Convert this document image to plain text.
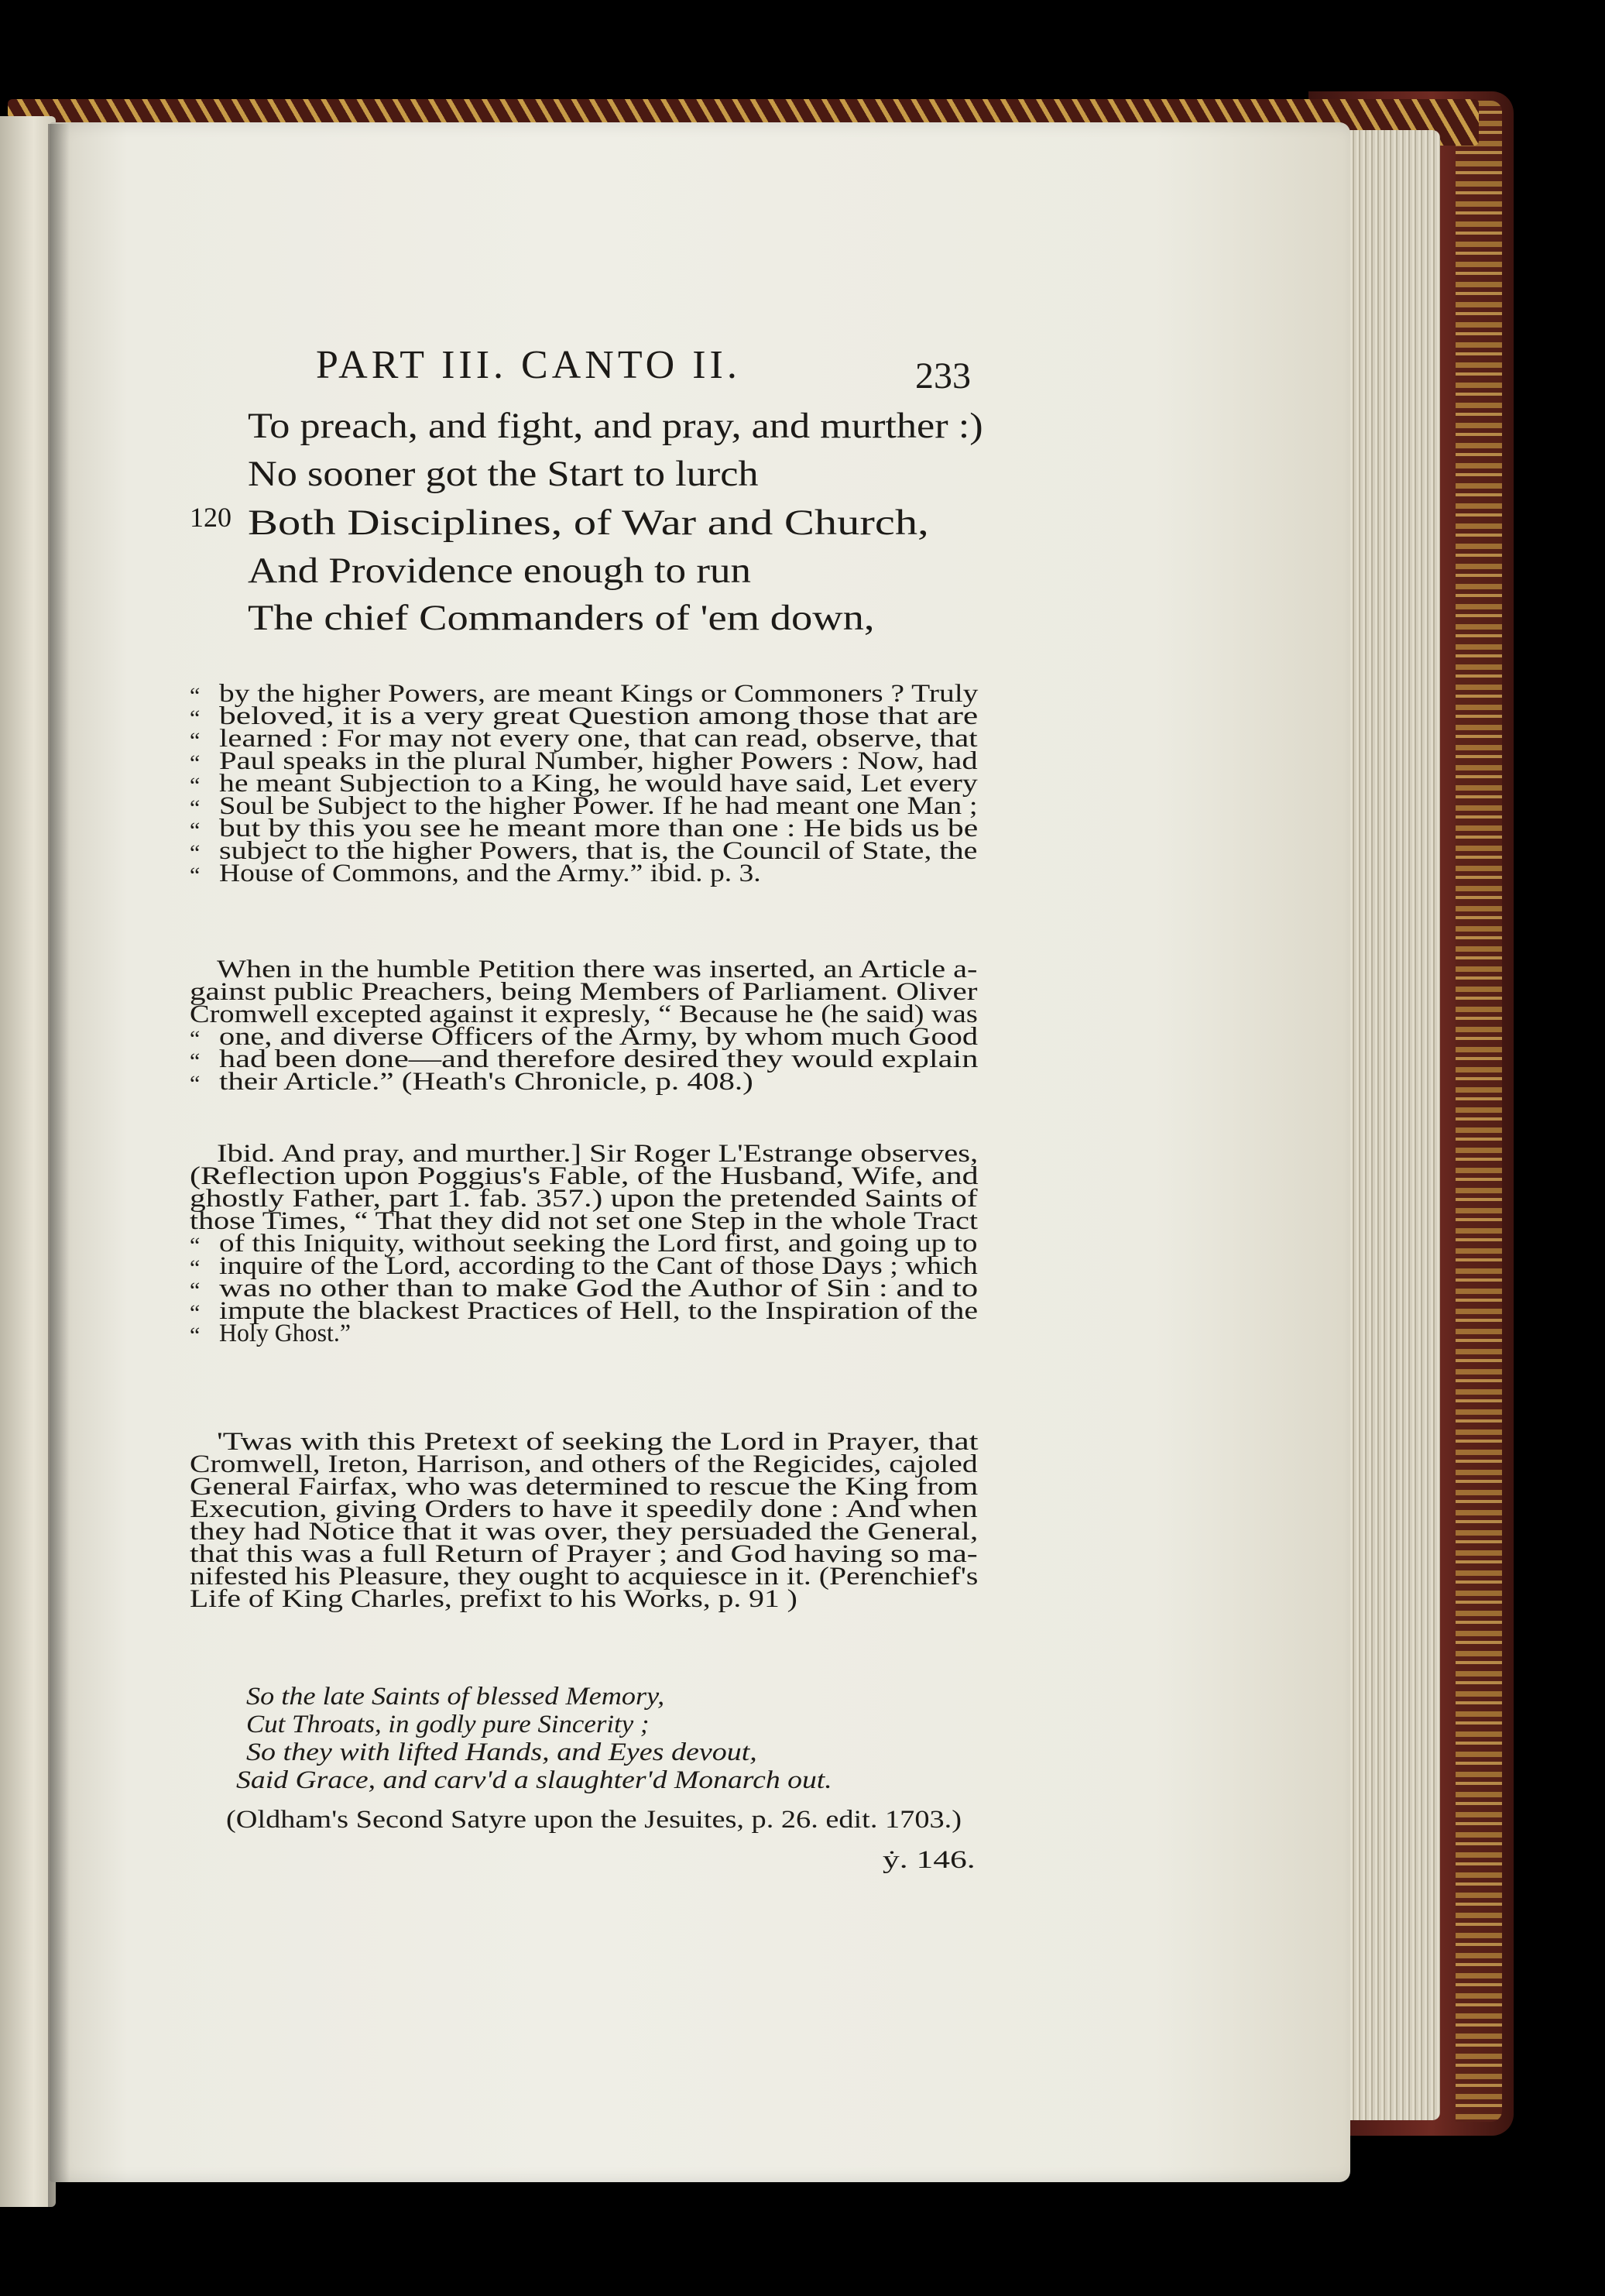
PART III. CANTO II.	233
120
To preach, and fight, and pray, and murther :)
No sooner got the Start to lurch
Both Disciplines, of War and Church,
And Providence enough to run
The chief Commanders of 'em down,
“ by the higher Powers, are meant Kings or Commoners ? Truly
“ beloved, it is a very great Question among those that are
“ learned : For may not every one, that can read, observe, that
“ Paul speaks in the plural Number, higher Powers : Now, had
“ he meant Subjection to a King, he would have said, Let every
“ Soul be Subject to the higher Power. If he had meant one Man ;
“ but by this you see he meant more than one : He bids us be
“ subject to the higher Powers, that is, the Council of State, the
“ House of Commons, and the Army.” ibid. p. 3.
When in the humble Petition there was inserted, an Article a-
gainst public Preachers, being Members of Parliament. Oliver
Cromwell excepted against it expresly, “ Because he (he said) was
“ one, and diverse Officers of the Army, by whom much Good
“ had been done—and therefore desired they would explain
“ their Article.” (Heath's Chronicle, p. 408.)
Ibid. And pray, and murther.] Sir Roger L'Estrange observes,
(Reflection upon Poggius's Fable, of the Husband, Wife, and
ghostly Father, part 1. fab. 357.) upon the pretended Saints of
those Times, “ That they did not set one Step in the whole Tract
“ of this Iniquity, without seeking the Lord first, and going up to
“ inquire of the Lord, according to the Cant of those Days ; which
“ was no other than to make God the Author of Sin : and to
“ impute the blackest Practices of Hell, to the Inspiration of the
“ Holy Ghost.”
'Twas with this Pretext of seeking the Lord in Prayer, that
Cromwell, Ireton, Harrison, and others of the Regicides, cajoled
General Fairfax, who was determined to rescue the King from
Execution, giving Orders to have it speedily done : And when
they had Notice that it was over, they persuaded the General,
that this was a full Return of Prayer ; and God having so ma-
nifested his Pleasure, they ought to acquiesce in it. (Perenchief's
Life of King Charles, prefixt to his Works, p. 91 )
So the late Saints of blessed Memory,
Cut Throats, in godly pure Sincerity ;
So they with lifted Hands, and Eyes devout,
Said Grace, and carv'd a slaughter'd Monarch out.
(Oldham's Second Satyre upon the Jesuites, p. 26. edit. 1703.)
ẏ. 146.
